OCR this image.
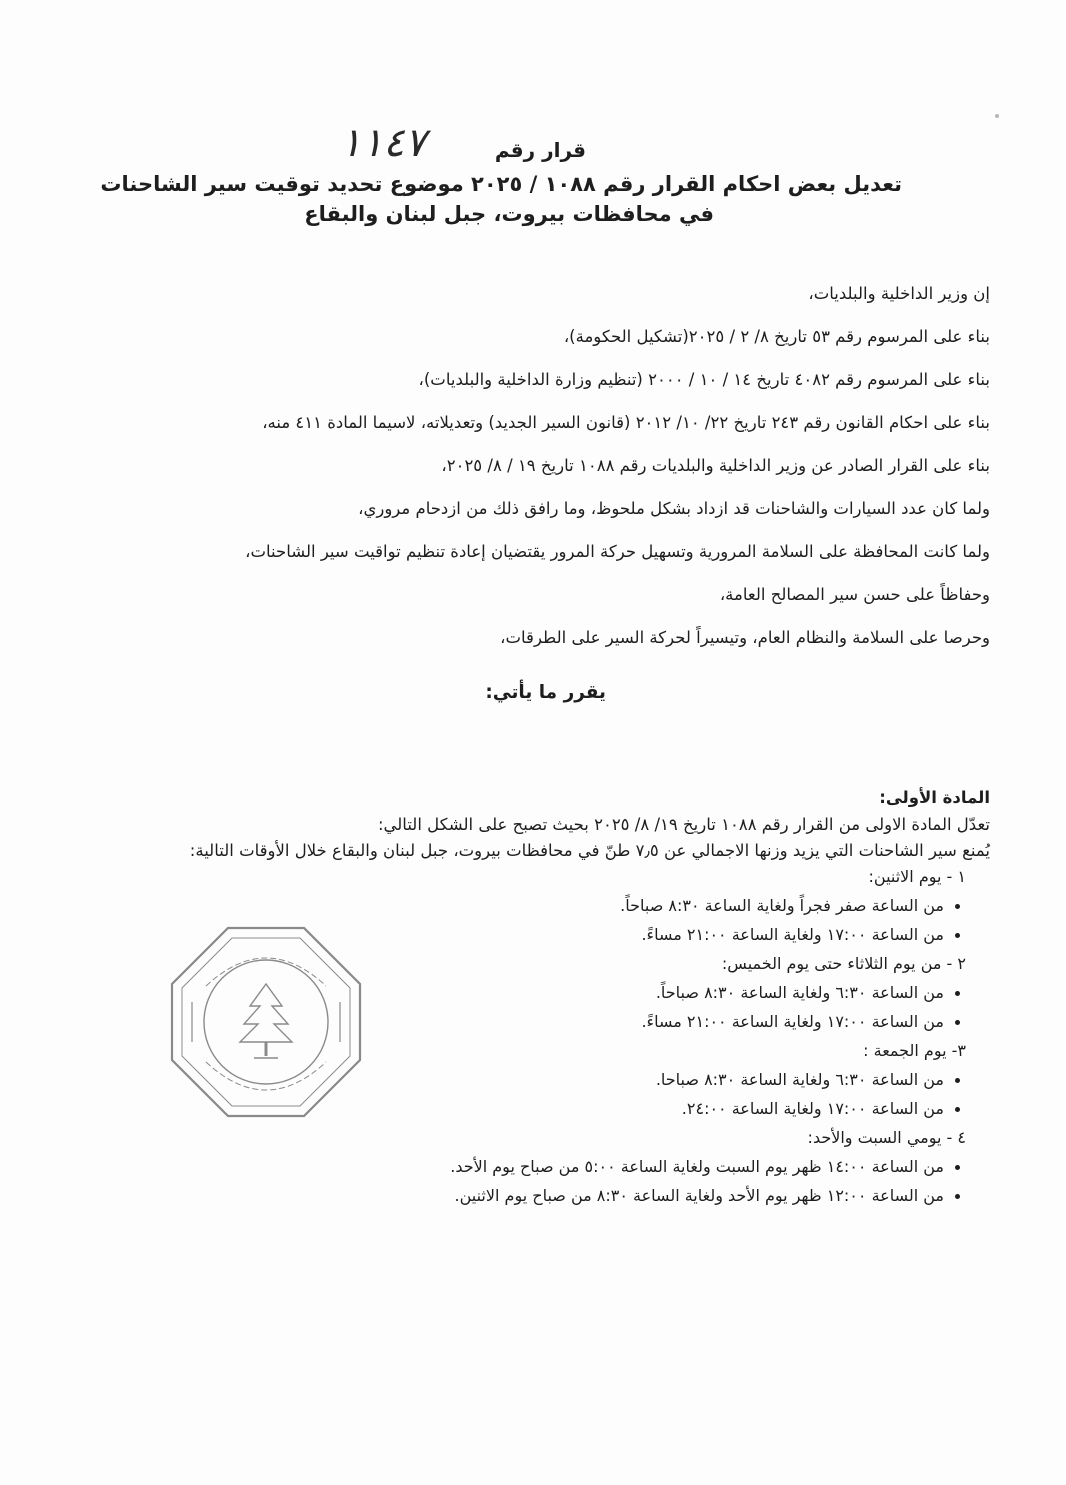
١١٤٧	قرار رقم
تعديل بعض احكام القرار رقم ١٠٨٨ / ٢٠٢٥ موضوع تحديد توقيت سير الشاحنات
في محافظات بيروت، جبل لبنان والبقاع

إن وزير الداخلية والبلديات،

بناء على المرسوم رقم ٥٣ تاريخ ٨/ ٢ / ٢٠٢٥(تشكيل الحكومة)،

بناء على المرسوم رقم ٤٠٨٢ تاريخ ١٤ / ١٠ / ٢٠٠٠ (تنظيم وزارة الداخلية والبلديات)،

بناء على احكام القانون رقم ٢٤٣ تاريخ ٢٢/ ١٠/ ٢٠١٢ (قانون السير الجديد) وتعديلاته، لاسيما المادة ٤١١ منه،

بناء على القرار الصادر عن وزير الداخلية والبلديات رقم ١٠٨٨ تاريخ ١٩ / ٨/ ٢٠٢٥،

ولما كان عدد السيارات والشاحنات قد ازداد بشكل ملحوظ، وما رافق ذلك من ازدحام مروري،

ولما كانت المحافظة على السلامة المرورية وتسهيل حركة المرور يقتضيان إعادة تنظيم تواقيت سير الشاحنات،

وحفاظاً على حسن سير المصالح العامة،

وحرصا على السلامة والنظام العام، وتيسيراً لحركة السير على الطرقات،

يقرر ما يأتي:
المادة الأولى:
تعدّل المادة الاولى من القرار رقم ١٠٨٨ تاريخ ١٩/ ٨/ ٢٠٢٥ بحيث تصبح على الشكل التالي:
يُمنع سير الشاحنات التي يزيد وزنها الاجمالي عن ٧٫٥ طنّ في محافظات بيروت، جبل لبنان والبقاع خلال الأوقات التالية:
١ - يوم الاثنين:
من الساعة صفر فجراً ولغاية الساعة ٨:٣٠ صباحاً.
من الساعة ١٧:٠٠ ولغاية الساعة ٢١:٠٠ مساءً.
٢ - من يوم الثلاثاء حتى يوم الخميس:
من الساعة ٦:٣٠ ولغاية الساعة ٨:٣٠ صباحاً.
من الساعة ١٧:٠٠ ولغاية الساعة ٢١:٠٠ مساءً.
٣- يوم الجمعة :
من الساعة ٦:٣٠ ولغاية الساعة ٨:٣٠ صباحا.
من الساعة ١٧:٠٠ ولغاية الساعة ٢٤:٠٠.
٤ - يومي السبت والأحد:
من الساعة ١٤:٠٠ ظهر يوم السبت ولغاية الساعة ٥:٠٠ من صباح يوم الأحد.
من الساعة ١٢:٠٠ ظهر يوم الأحد ولغاية الساعة ٨:٣٠ من صباح يوم الاثنين.
